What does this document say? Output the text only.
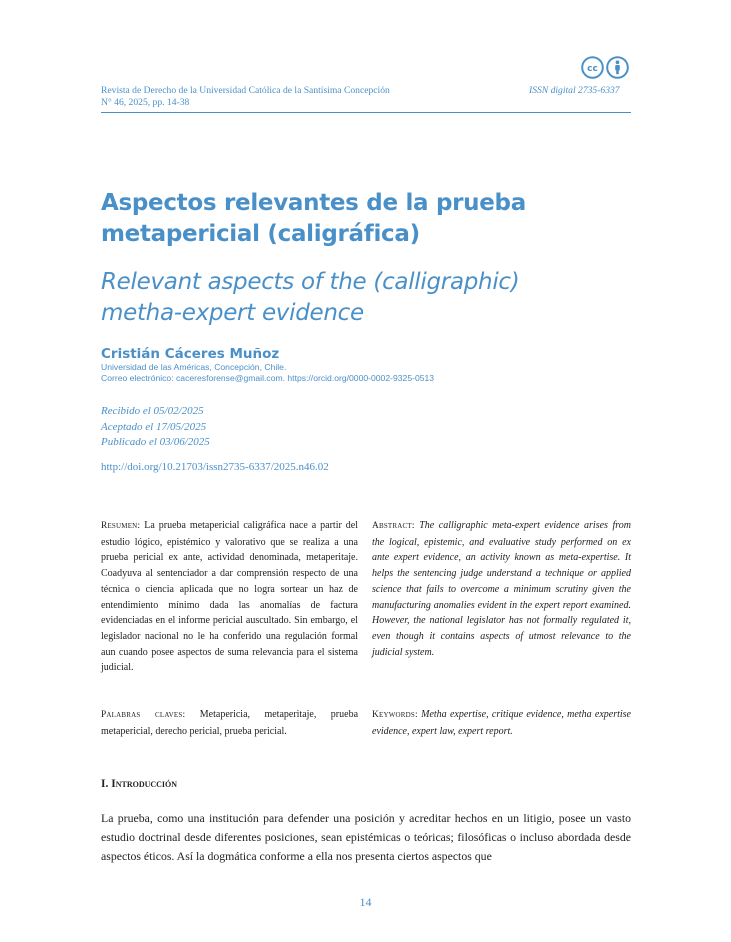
Revista de Derecho de la Universidad Católica de la Santísima Concepción
N° 46, 2025, pp. 14-38
ISSN digital 2735-6337
cc
Aspectos relevantes de la prueba metapericial (caligráfica)
Relevant aspects of the (calligraphic) metha-expert evidence
Cristián Cáceres Muñoz
Universidad de las Américas, Concepción, Chile.
Correo electrónico: caceresforense@gmail.com. https://orcid.org/0000-0002-9325-0513
Recibido el 05/02/2025
Aceptado el 17/05/2025
Publicado el 03/06/2025
http://doi.org/10.21703/issn2735-6337/2025.n46.02
Resumen: La prueba metapericial caligráfica nace a partir del estudio lógico, epistémico y valorativo que se realiza a una prueba pericial ex ante, actividad denominada, metaperitaje. Coadyuva al sentenciador a dar comprensión respecto de una técnica o ciencia aplicada que no logra sortear un haz de entendimiento mínimo dada las anomalías de factura evidenciadas en el informe pericial auscultado. Sin embargo, el legislador nacional no le ha conferido una regulación formal aun cuando posee aspectos de suma relevancia para el sistema judicial.
Abstract: The calligraphic meta-expert evidence arises from the logical, epistemic, and evaluative study performed on ex ante expert evidence, an activity known as meta-expertise. It helps the sentencing judge understand a technique or applied science that fails to overcome a minimum scrutiny given the manufacturing anomalies evident in the expert report examined. However, the national legislator has not formally regulated it, even though it contains aspects of utmost relevance to the judicial system.
Palabras claves: Metapericia, metaperitaje, prueba metapericial, derecho pericial, prueba pericial.
Keywords: Metha expertise, critique evidence, metha expertise evidence, expert law, expert report.
I. Introducción
La prueba, como una institución para defender una posición y acreditar hechos en un litigio, posee un vasto estudio doctrinal desde diferentes posiciones, sean epistémicas o teóricas; filosóficas o incluso abordada desde aspectos éticos. Así la dogmática conforme a ella nos presenta ciertos aspectos que
14
